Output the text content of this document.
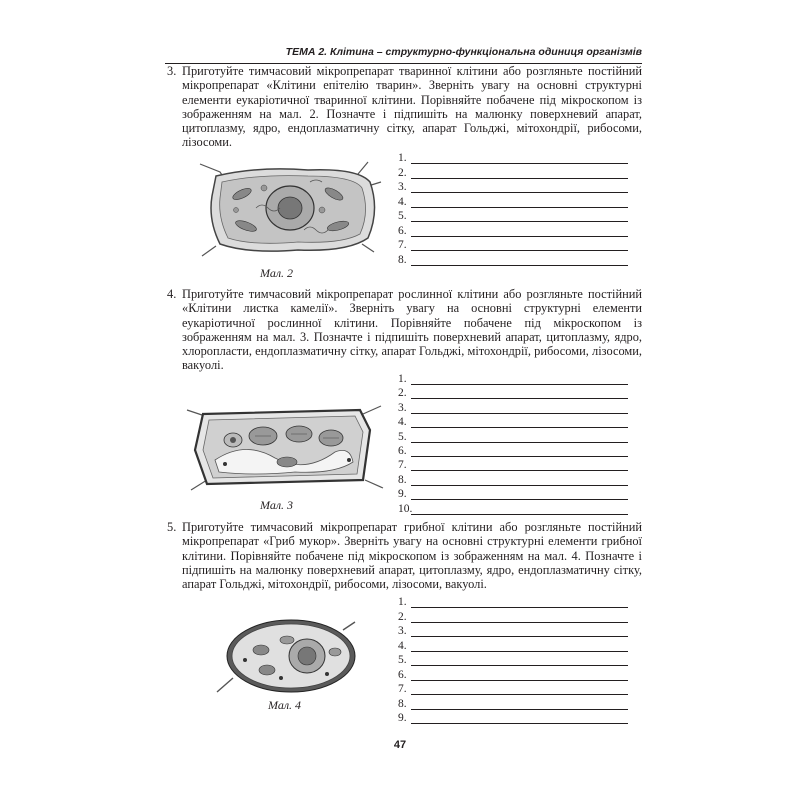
ТЕМА 2. Клітина – структурно-функціональна одиниця організмів
3. Приготуйте тимчасовий мікропрепарат тваринної клітини або розгляньте постійний мікропрепарат «Клітини епітелію тварин». Зверніть увагу на основні структурні елементи еукаріотичної тваринної клітини. Порівняйте побачене під мікроскопом із зображенням на мал. 2. Позначте і підпишіть на малюнку поверхневий апарат, цитоплазму, ядро, ендоплазматичну сітку, апарат Гольджі, мітохондрії, рибосоми, лізосоми.
Мал. 2
1.
2.
3.
4.
5.
6.
7.
8.
4. Приготуйте тимчасовий мікропрепарат рослинної клітини або розгляньте постійний «Клітини листка камелії». Зверніть увагу на основні структурні елементи еукаріотичної рослинної клітини. Порівняйте побачене під мікроскопом із зображенням на мал. 3. Позначте і підпишіть поверхневий апарат, цитоплазму, ядро, хлоропласти, ендоплазматичну сітку, апарат Гольджі, мітохондрії, рибосоми, лізосоми, вакуолі.
Мал. 3
1.
2.
3.
4.
5.
6.
7.
8.
9.
10.
5. Приготуйте тимчасовий мікропрепарат грибної клітини або розгляньте постійний мікропрепарат «Гриб мукор». Зверніть увагу на основні структурні елементи грибної клітини. Порівняйте побачене під мікроскопом із зображенням на мал. 4. Позначте і підпишіть на малюнку поверхневий апарат, цитоплазму, ядро, ендоплазматичну сітку, апарат Гольджі, мітохондрії, рибосоми, лізосоми, вакуолі.
Мал. 4
1.
2.
3.
4.
5.
6.
7.
8.
9.
47
